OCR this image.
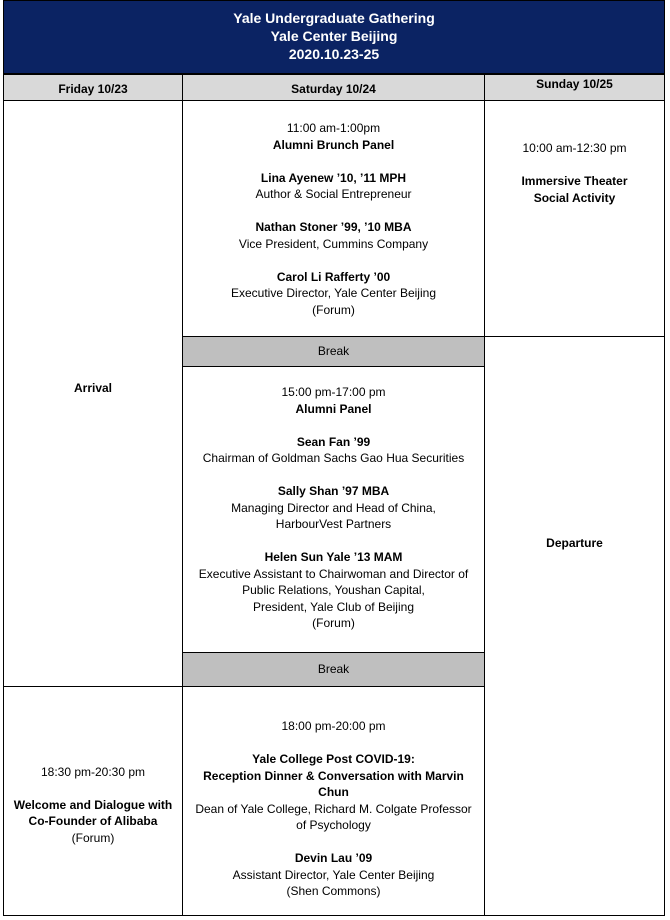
Yale Undergraduate Gathering
Yale Center Beijing
2020.10.23-25
Friday 10/23	Saturday 10/24	Sunday 10/25
Arrival
18:30 pm-20:30 pm
Welcome and Dialogue with
Co-Founder of Alibaba
(Forum)
11:00 am-1:00pm
Alumni Brunch Panel
Lina Ayenew ’10, ’11 MPH
Author & Social Entrepreneur
Nathan Stoner ’99, ’10 MBA
Vice President, Cummins Company
Carol Li Rafferty ’00
Executive Director, Yale Center Beijing
(Forum)
Break
15:00 pm-17:00 pm
Alumni Panel
Sean Fan ’99
Chairman of Goldman Sachs Gao Hua Securities
Sally Shan ’97 MBA
Managing Director and Head of China,
HarbourVest Partners
Helen Sun Yale ’13 MAM
Executive Assistant to Chairwoman and Director of
Public Relations, Youshan Capital,
President, Yale Club of Beijing
(Forum)
Break
18:00 pm-20:00 pm
Yale College Post COVID-19:
Reception Dinner & Conversation with Marvin
Chun
Dean of Yale College, Richard M. Colgate Professor
of Psychology
Devin Lau ’09
Assistant Director, Yale Center Beijing
(Shen Commons)
10:00 am-12:30 pm
Immersive Theater
Social Activity
Departure
